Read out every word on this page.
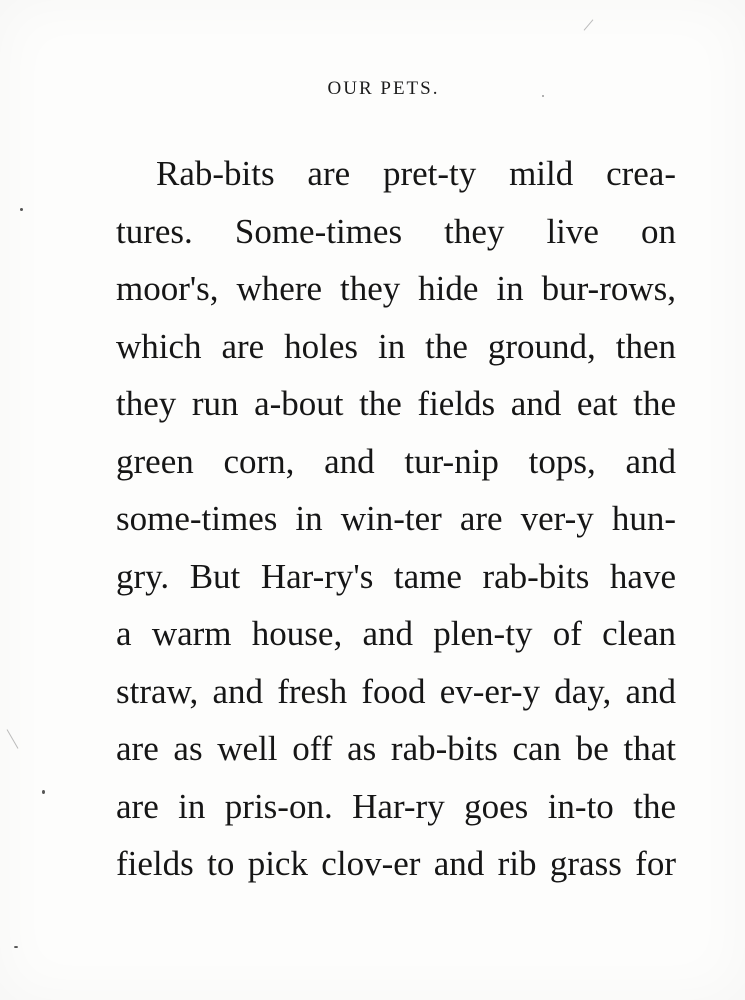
OUR PETS.
Rab-bits are pret-ty mild crea-
tures. Some-times they live on
moor's, where they hide in bur-rows,
which are holes in the ground, then
they run a-bout the fields and eat the
green corn, and tur-nip tops, and
some-times in win-ter are ver-y hun-
gry. But Har-ry's tame rab-bits have
a warm house, and plen-ty of clean
straw, and fresh food ev-er-y day, and
are as well off as rab-bits can be that
are in pris-on. Har-ry goes in-to the
fields to pick clov-er and rib grass for
